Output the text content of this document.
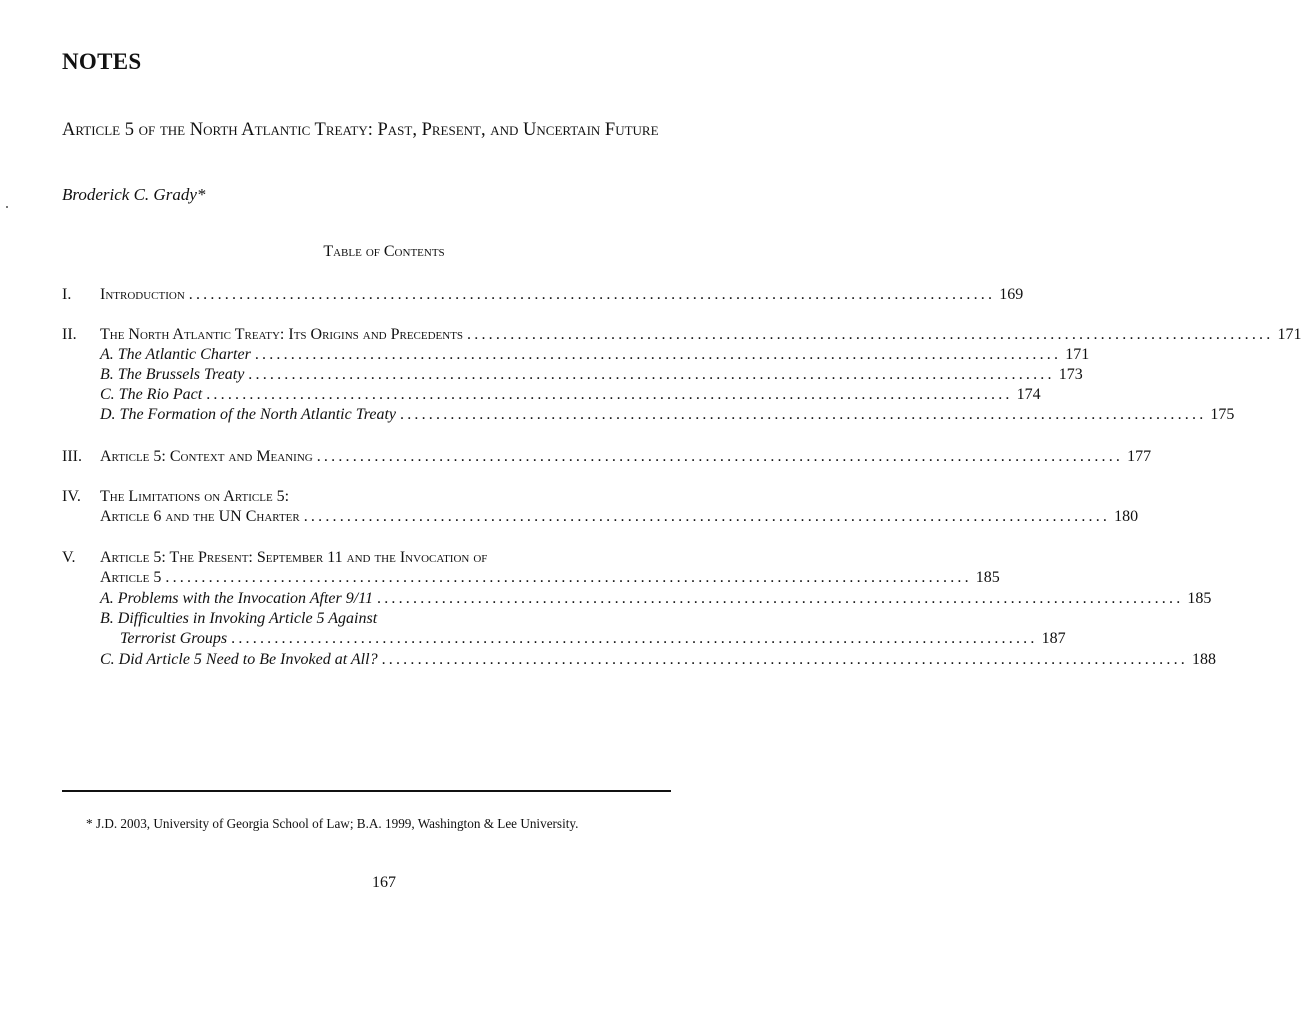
NOTES
Article 5 of the North Atlantic Treaty: Past, Present, and Uncertain Future
Broderick C. Grady*
Table of Contents
I.	Introduction ................................................................................................................ 169
II.	The North Atlantic Treaty: Its Origins and Precedents ................................................................................................................ 171
A. The Atlantic Charter ................................................................................................................ 171
B. The Brussels Treaty ................................................................................................................ 173
C. The Rio Pact ................................................................................................................ 174
D. The Formation of the North Atlantic Treaty ................................................................................................................ 175
III.	Article 5: Context and Meaning ................................................................................................................ 177
IV.	The Limitations on Article 5:
Article 6 and the UN Charter ................................................................................................................ 180
V.	Article 5: The Present: September 11 and the Invocation of
Article 5 ................................................................................................................ 185
A. Problems with the Invocation After 9/11 ................................................................................................................ 185
B. Difficulties in Invoking Article 5 Against
Terrorist Groups ................................................................................................................ 187
C. Did Article 5 Need to Be Invoked at All? ................................................................................................................ 188
* J.D. 2003, University of Georgia School of Law; B.A. 1999, Washington & Lee University.
167
